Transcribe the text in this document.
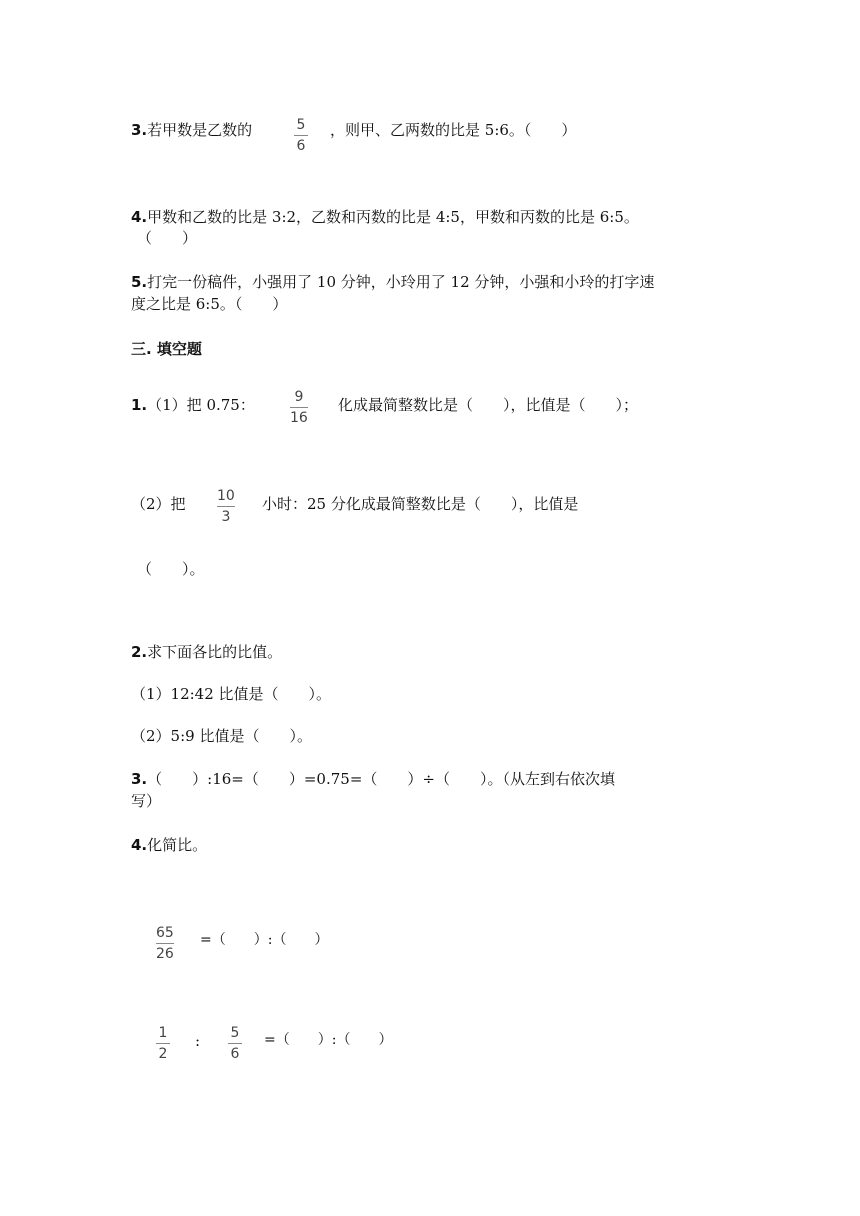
3.若甲数是乙数的	5
6
，则甲、乙两数的比是 5:6。（　　）
4.甲数和乙数的比是 3:2，乙数和丙数的比是 4:5，甲数和丙数的比是 6:5。
（　　）
5.打完一份稿件，小强用了 10 分钟，小玲用了 12 分钟，小强和小玲的打字速
度之比是 6:5。（　　）
三. 填空题
1.（1）把 0.75：	9
16
化成最简整数比是（　　），比值是（　　）；
（2）把 10
3
小时：25 分化成最简整数比是（　　），比值是
（　　）。
2.求下面各比的比值。
（1）12:42 比值是（　　）。
（2）5:9 比值是（　　）。
3.（　　）:16=（　　）=0.75=（　　）÷（　　）。（从左到右依次填
写）
4.化简比。
65
26
=（　　）:（　　）
1
2
: 5
6
=（　　）:（　　）
